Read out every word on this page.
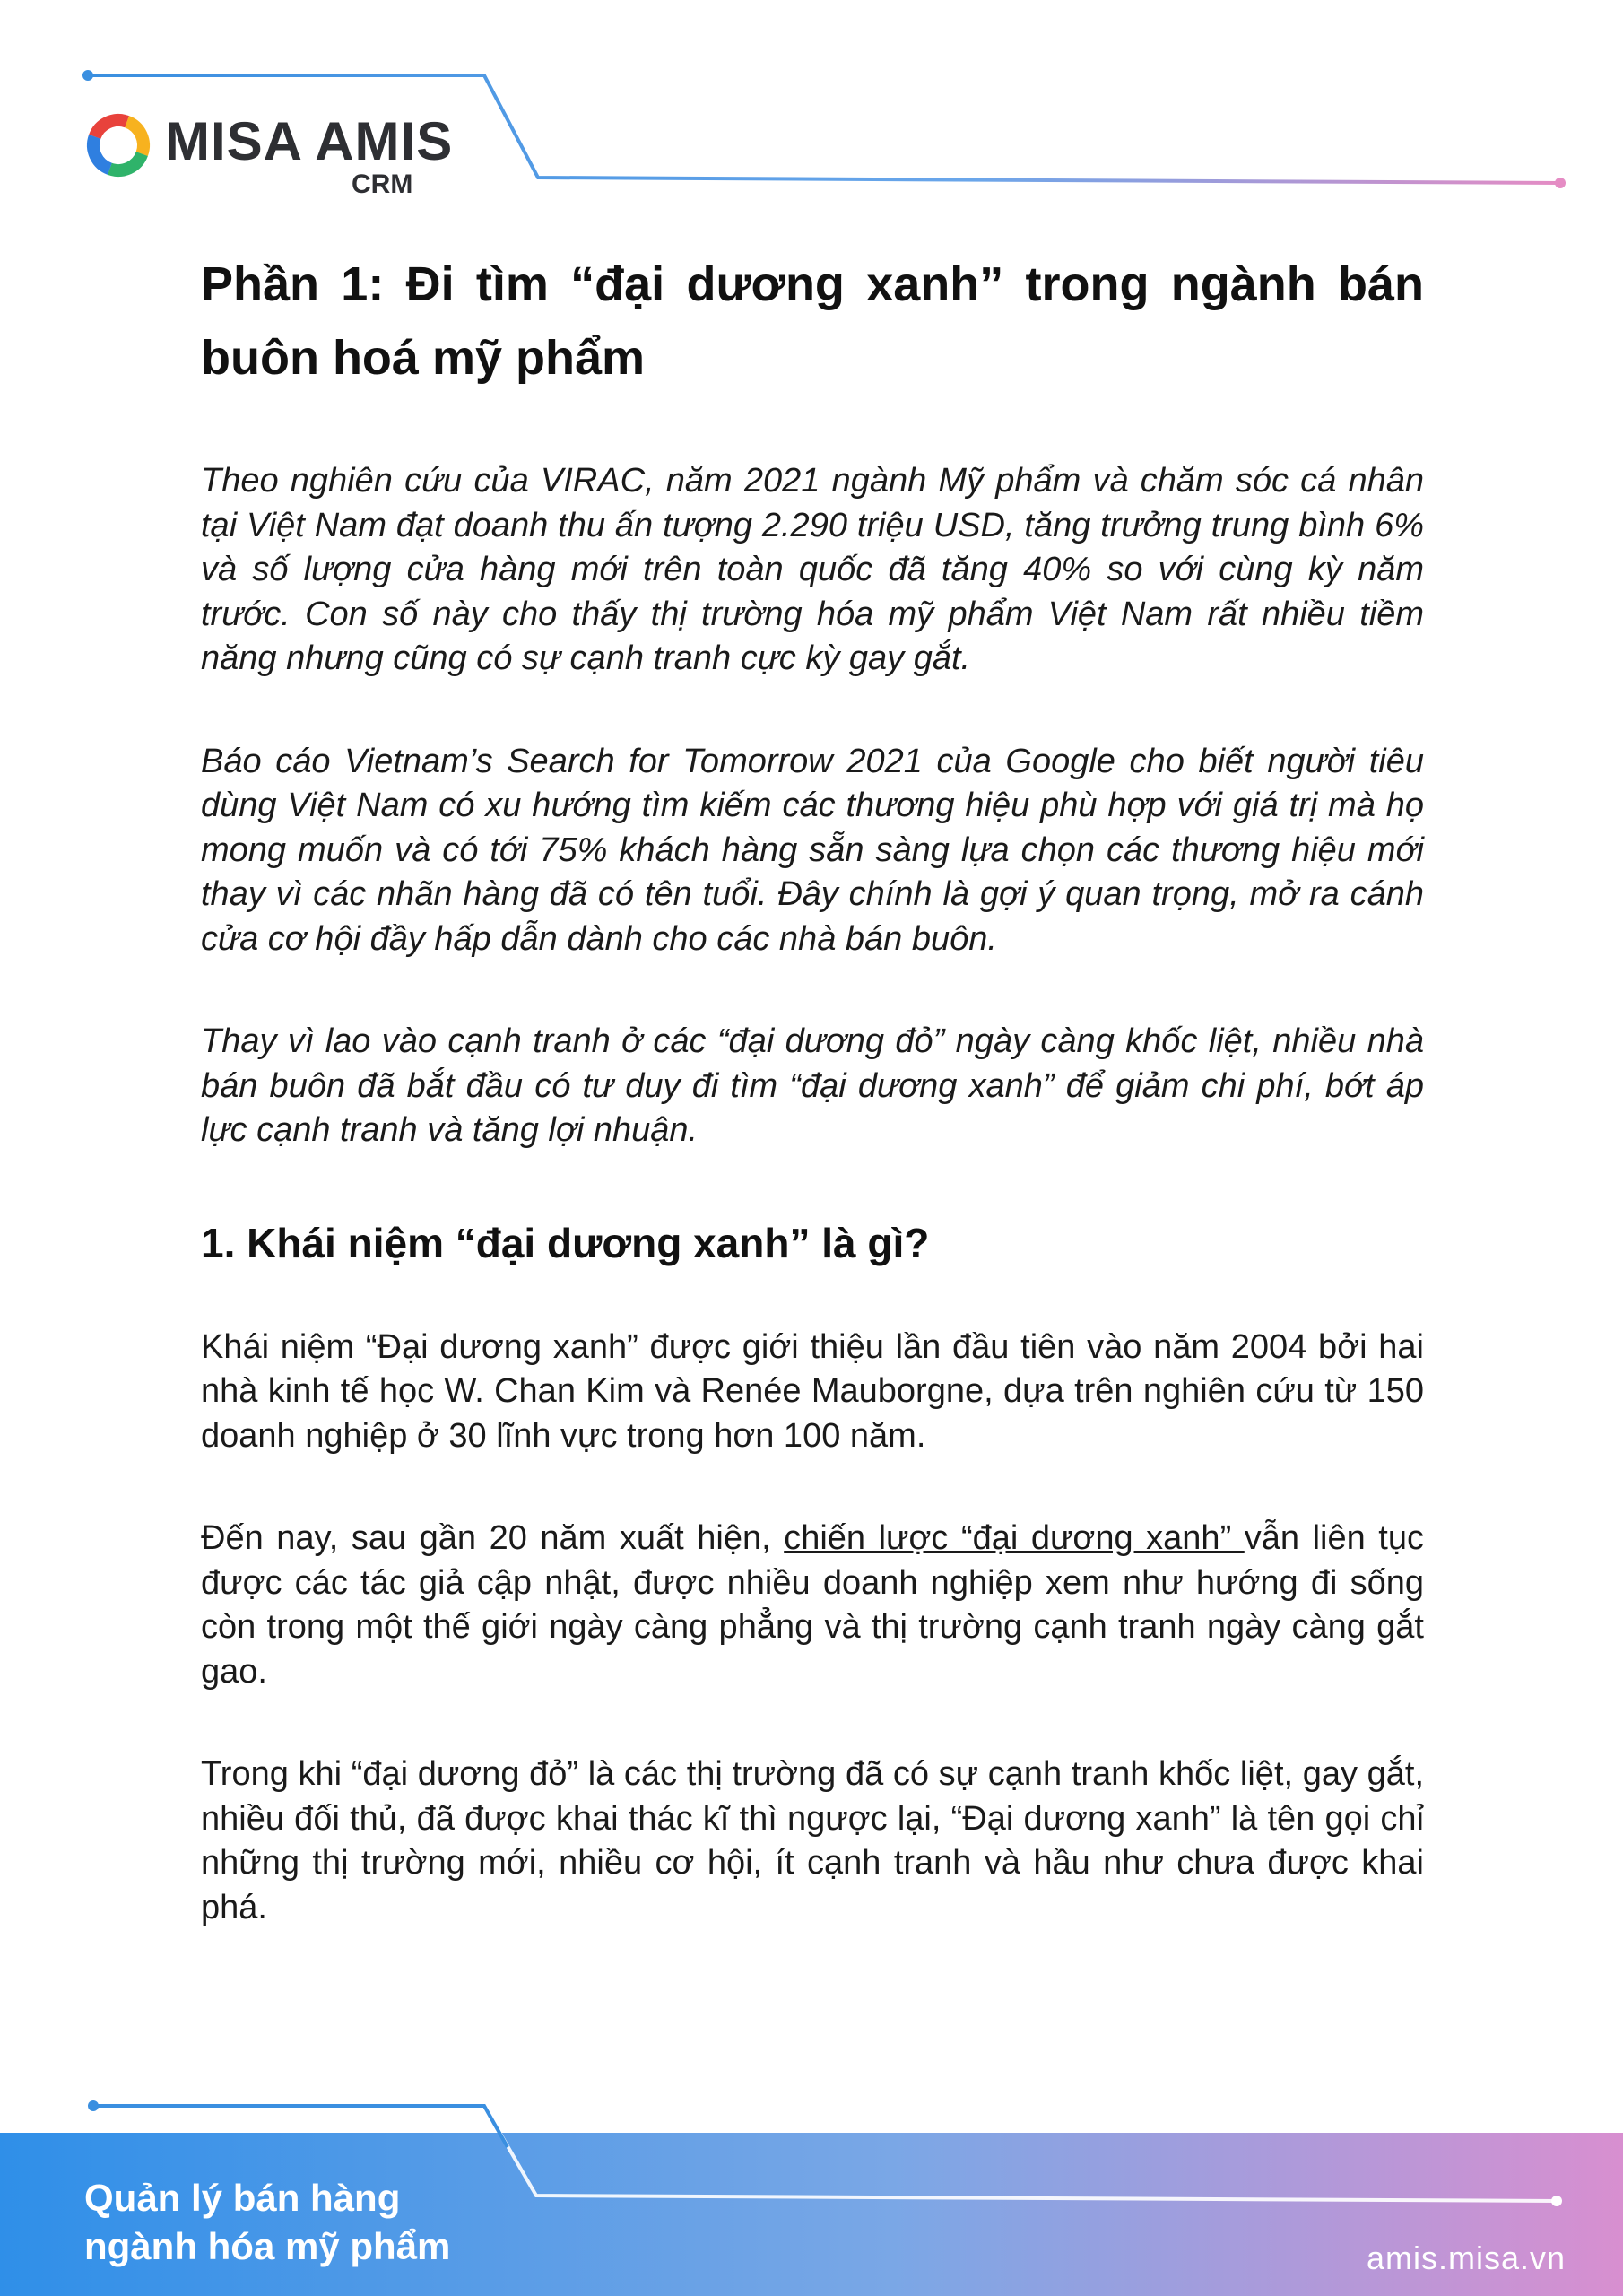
MISA AMIS
CRM
Phần 1: Đi tìm “đại dương xanh” trong ngành bán buôn hoá mỹ phẩm

Theo nghiên cứu của VIRAC, năm 2021 ngành Mỹ phẩm và chăm sóc cá nhân tại Việt Nam đạt doanh thu ấn tượng 2.290 triệu USD, tăng trưởng trung bình 6% và số lượng cửa hàng mới trên toàn quốc đã tăng 40% so với cùng kỳ năm trước. Con số này cho thấy thị trường hóa mỹ phẩm Việt Nam rất nhiều tiềm năng nhưng cũng có sự cạnh tranh cực kỳ gay gắt.

Báo cáo Vietnam’s Search for Tomorrow 2021 của Google cho biết người tiêu dùng Việt Nam có xu hướng tìm kiếm các thương hiệu phù hợp với giá trị mà họ mong muốn và có tới 75% khách hàng sẵn sàng lựa chọn các thương hiệu mới thay vì các nhãn hàng đã có tên tuổi. Đây chính là gợi ý quan trọng, mở ra cánh cửa cơ hội đầy hấp dẫn dành cho các nhà bán buôn.

Thay vì lao vào cạnh tranh ở các “đại dương đỏ” ngày càng khốc liệt, nhiều nhà bán buôn đã bắt đầu có tư duy đi tìm “đại dương xanh” để giảm chi phí, bớt áp lực cạnh tranh và tăng lợi nhuận.

1. Khái niệm “đại dương xanh” là gì?

Khái niệm “Đại dương xanh” được giới thiệu lần đầu tiên vào năm 2004 bởi hai nhà kinh tế học W. Chan Kim và Renée Mauborgne, dựa trên nghiên cứu từ 150 doanh nghiệp ở 30 lĩnh vực trong hơn 100 năm.

Đến nay, sau gần 20 năm xuất hiện, chiến lược “đại dương xanh” vẫn liên tục được các tác giả cập nhật, được nhiều doanh nghiệp xem như hướng đi sống còn trong một thế giới ngày càng phẳng và thị trường cạnh tranh ngày càng gắt gao.

Trong khi “đại dương đỏ” là các thị trường đã có sự cạnh tranh khốc liệt, gay gắt, nhiều đối thủ, đã được khai thác kĩ thì ngược lại, “Đại dương xanh” là tên gọi chỉ những thị trường mới, nhiều cơ hội, ít cạnh tranh và hầu như chưa được khai phá.

Quản lý bán hàng
ngành hóa mỹ phẩm	amis.misa.vn
